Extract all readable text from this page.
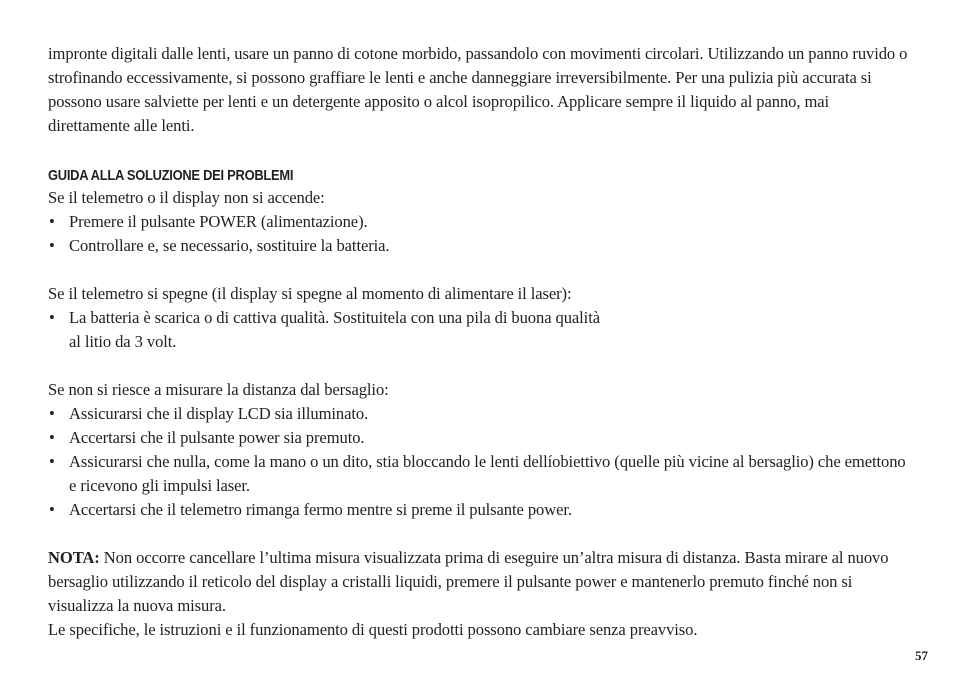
impronte digitali dalle lenti, usare un panno di cotone morbido, passandolo con movimenti circolari. Utilizzando un panno ruvido o strofinando eccessivamente, si possono graffiare le lenti e anche danneggiare irreversibilmente. Per una pulizia più accurata si possono usare salviette per lenti e un detergente apposito o alcol isopropilico. Applicare sempre il liquido al panno, mai direttamente alle lenti.

GUIDA ALLA SOLUZIONE DEI PROBLEMI

Se il telemetro o il display non si accende:

• Premere il pulsante POWER (alimentazione).
• Controllare e, se necessario, sostituire la batteria.

Se il telemetro si spegne (il display si spegne al momento di alimentare il laser):

• La batteria è scarica o di cattiva qualità. Sostituitela con una pila di buona qualità
al litio da 3 volt.

Se non si riesce a misurare la distanza dal bersaglio:

• Assicurarsi che il display LCD sia illuminato.
• Accertarsi che il pulsante power sia premuto.
• Assicurarsi che nulla, come la mano o un dito, stia bloccando le lenti dellíobiettivo (quelle più vicine al bersaglio) che emettono e ricevono gli impulsi laser.
• Accertarsi che il telemetro rimanga fermo mentre si preme il pulsante power.

NOTA: Non occorre cancellare l’ultima misura visualizzata prima di eseguire un’altra misura di distanza. Basta mirare al nuovo bersaglio utilizzando il reticolo del display a cristalli liquidi, premere il pulsante power e mantenerlo premuto finché non si visualizza la nuova misura.

Le specifiche, le istruzioni e il funzionamento di questi prodotti possono cambiare senza preavviso.

57
